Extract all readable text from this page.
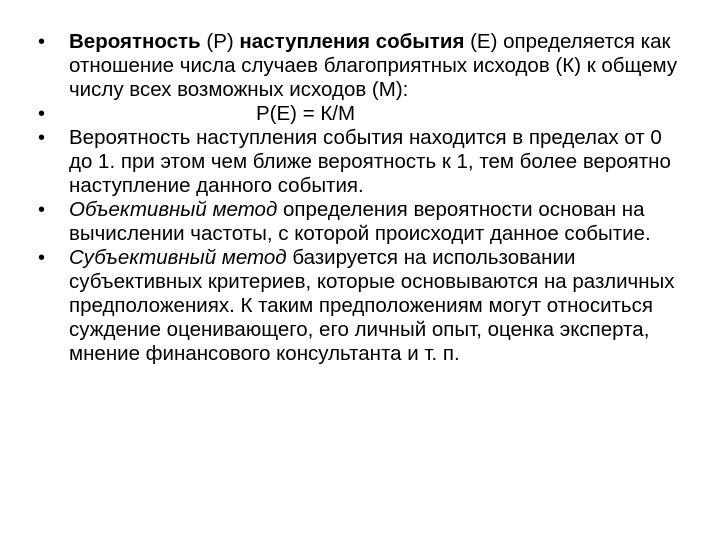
•	Вероятность (Р) наступления события (Е) определяется как отношение числа случаев благоприятных исходов (К) к общему числу всех возможных исходов (М):
•	Р(Е) = К/М
•	Вероятность наступления события находится в пределах от 0 до 1. при этом чем ближе вероятность к 1, тем более вероятно наступление данного события.
•	Объективный метод определения вероятности основан на вычислении частоты, с которой происходит данное событие.
•	Субъективный метод базируется на использовании субъективных критериев, которые основываются на различных предположениях. К таким предположениям могут относиться суждение оценивающего, его личный опыт, оценка эксперта, мнение финансового консультанта и т. п.
